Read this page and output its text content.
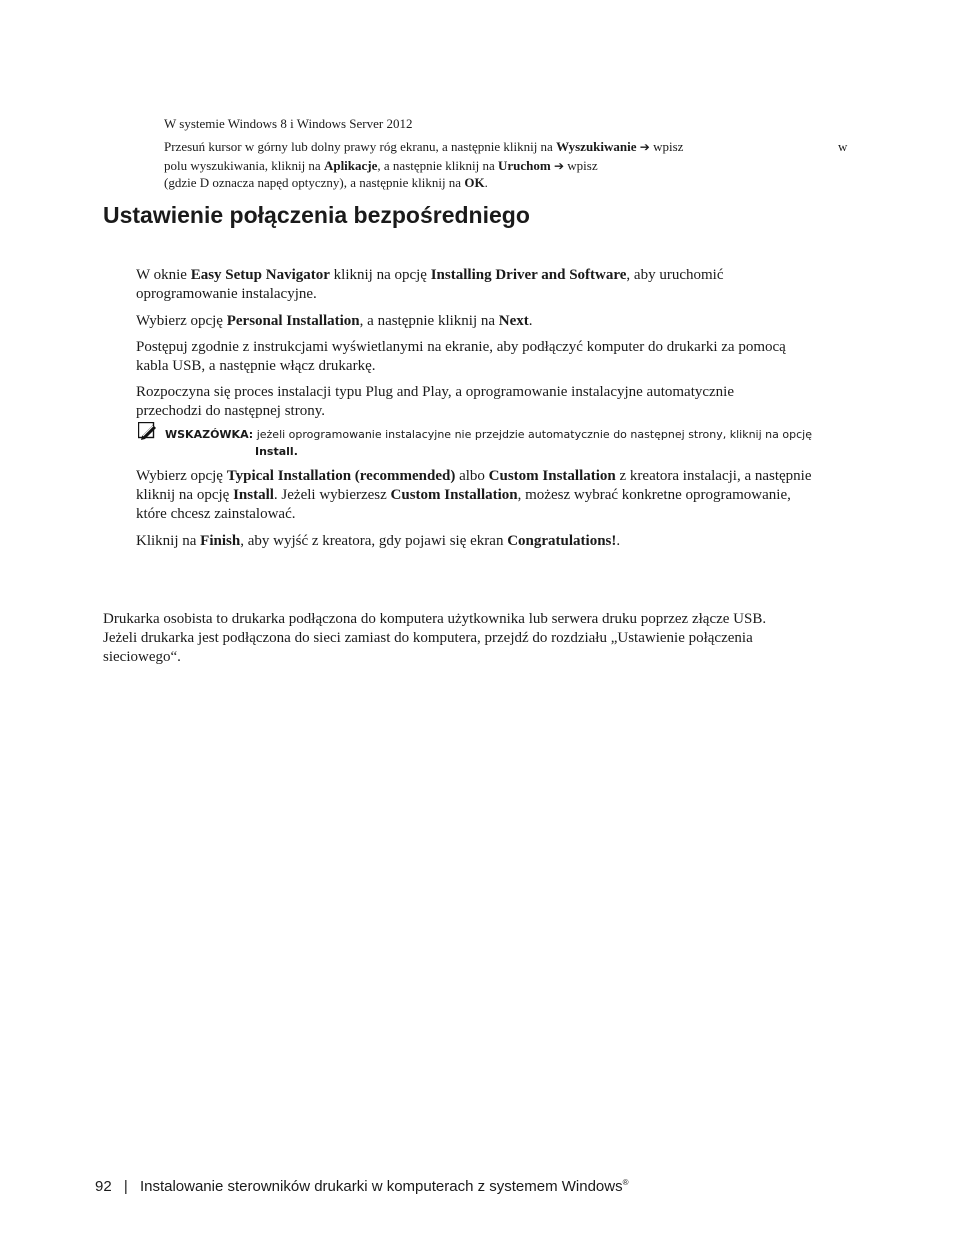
W systemie Windows 8 i Windows Server 2012
Przesuń kursor w górny lub dolny prawy róg ekranu, a następnie kliknij na Wyszukiwanie ➔ wpisz	w
polu wyszukiwania, kliknij na Aplikacje, a następnie kliknij na Uruchom ➔ wpisz
(gdzie D oznacza napęd optyczny), a następnie kliknij na OK.
Ustawienie połączenia bezpośredniego
W oknie Easy Setup Navigator kliknij na opcję Installing Driver and Software, aby uruchomić
oprogramowanie instalacyjne.
Wybierz opcję Personal Installation, a następnie kliknij na Next.
Postępuj zgodnie z instrukcjami wyświetlanymi na ekranie, aby podłączyć komputer do drukarki za pomocą
kabla USB, a następnie włącz drukarkę.
Rozpoczyna się proces instalacji typu Plug and Play, a oprogramowanie instalacyjne automatycznie
przechodzi do następnej strony.
WSKAZÓWKA: jeżeli oprogramowanie instalacyjne nie przejdzie automatycznie do następnej strony, kliknij na opcję
Install.
Wybierz opcję Typical Installation (recommended) albo Custom Installation z kreatora instalacji, a następnie
kliknij na opcję Install. Jeżeli wybierzesz Custom Installation, możesz wybrać konkretne oprogramowanie,
które chcesz zainstalować.
Kliknij na Finish, aby wyjść z kreatora, gdy pojawi się ekran Congratulations!.
Drukarka osobista to drukarka podłączona do komputera użytkownika lub serwera druku poprzez złącze USB.
Jeżeli drukarka jest podłączona do sieci zamiast do komputera, przejdź do rozdziału „Ustawienie połączenia
sieciowego“.
92 | Instalowanie sterowników drukarki w komputerach z systemem Windows®
